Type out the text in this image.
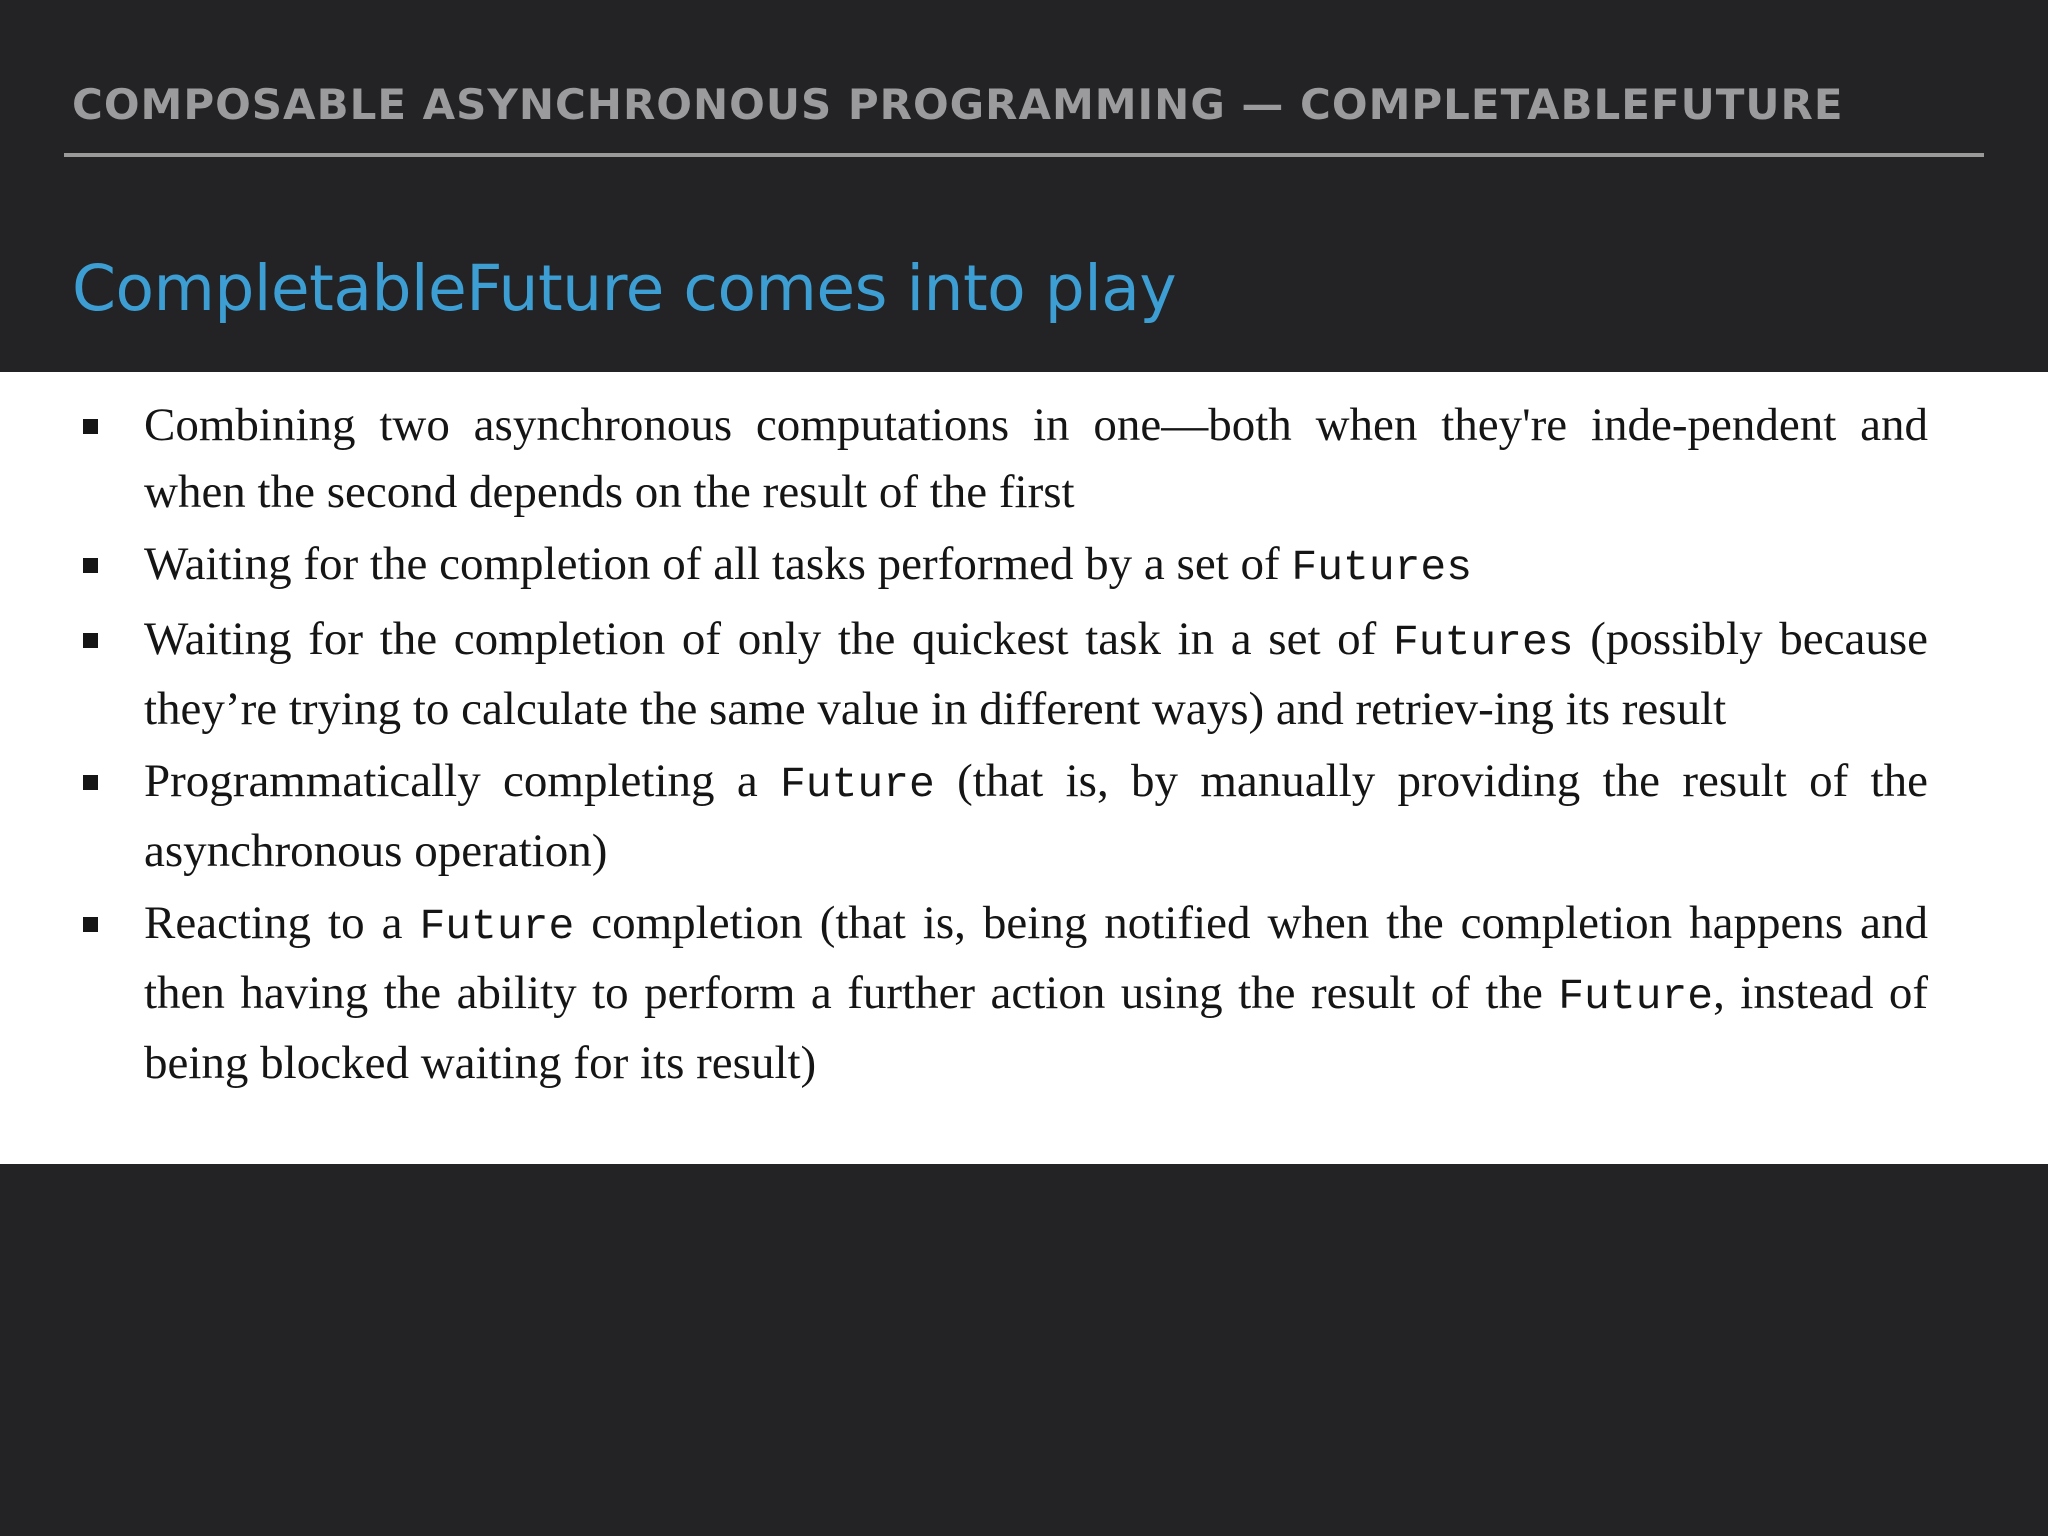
COMPOSABLE ASYNCHRONOUS PROGRAMMING — COMPLETABLEFUTURE
CompletableFuture comes into play
Combining two asynchronous computations in one—both when they're inde-pendent and when the second depends on the result of the first
Waiting for the completion of all tasks performed by a set of Futures
Waiting for the completion of only the quickest task in a set of Futures (possibly because they’re trying to calculate the same value in different ways) and retriev-ing its result
Programmatically completing a Future (that is, by manually providing the result of the asynchronous operation)
Reacting to a Future completion (that is, being notified when the completion happens and then having the ability to perform a further action using the result of the Future, instead of being blocked waiting for its result)
